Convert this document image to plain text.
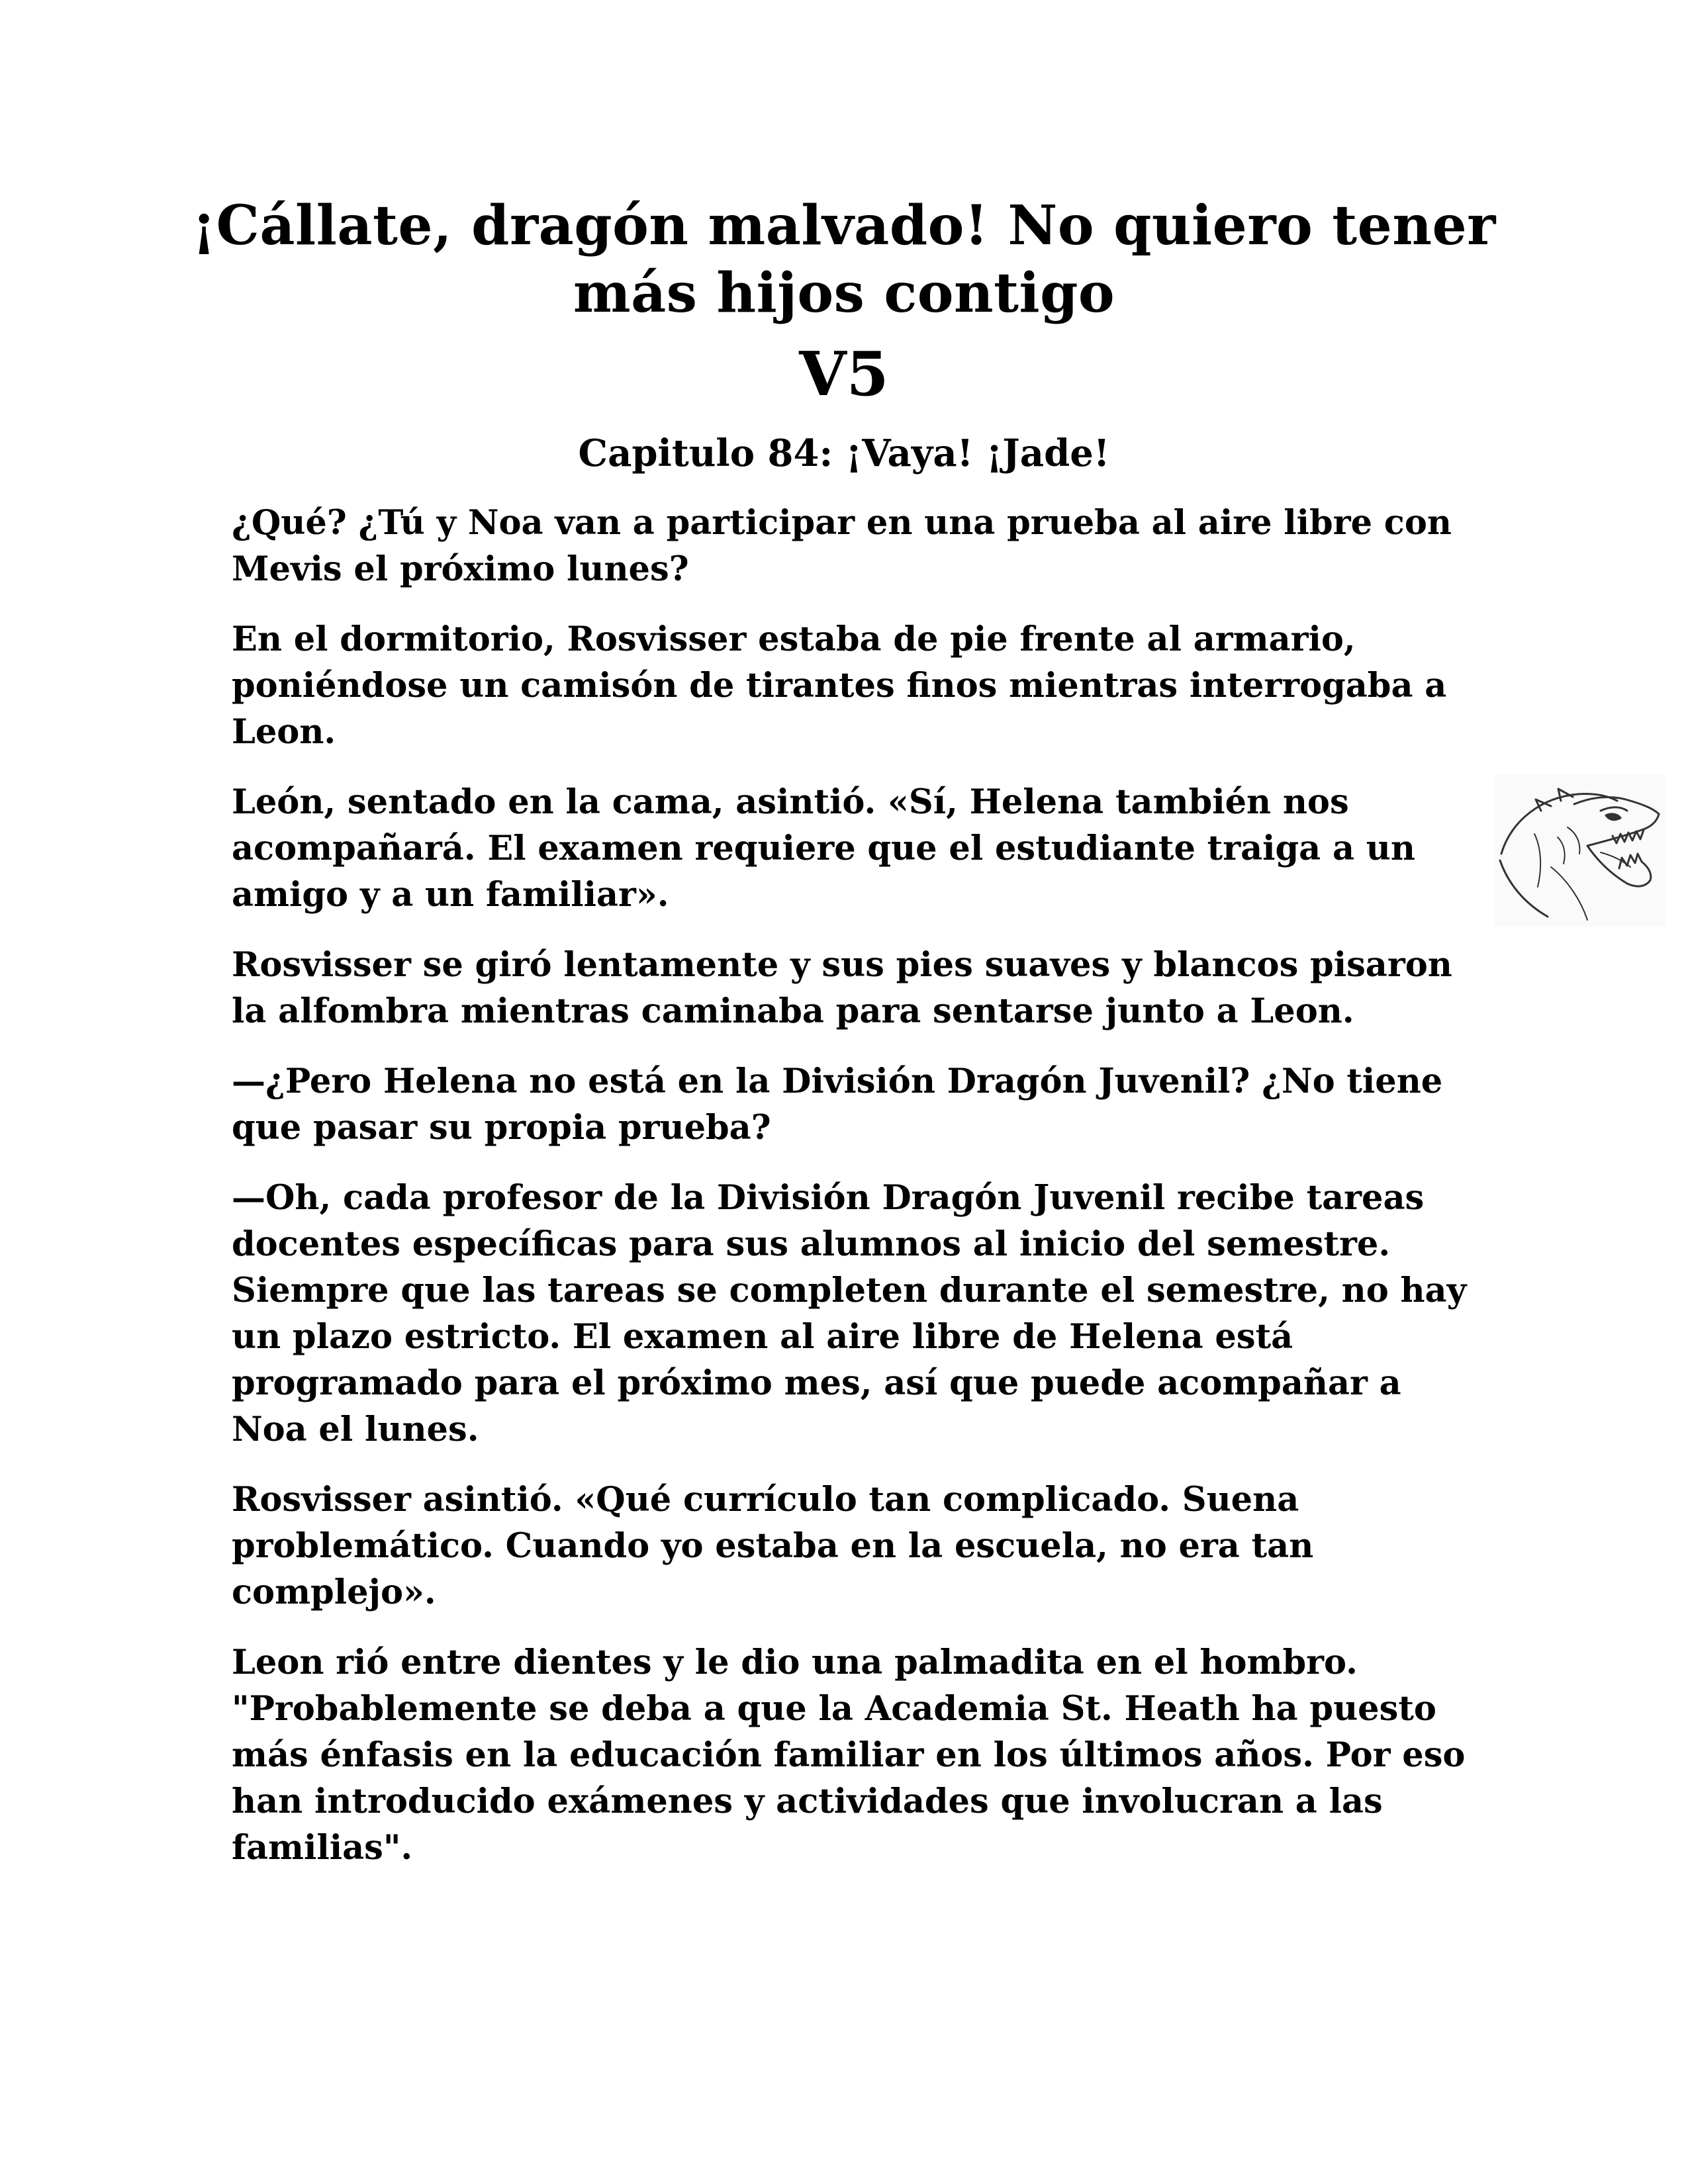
¡Cállate, dragón malvado! No quiero tener más hijos contigo
V5
Capitulo 84: ¡Vaya! ¡Jade!

¿Qué? ¿Tú y Noa van a participar en una prueba al aire libre con Mevis el próximo lunes?

En el dormitorio, Rosvisser estaba de pie frente al armario, poniéndose un camisón de tirantes finos mientras interrogaba a Leon.

León, sentado en la cama, asintió. «Sí, Helena también nos acompañará. El examen requiere que el estudiante traiga a un amigo y a un familiar».

Rosvisser se giró lentamente y sus pies suaves y blancos pisaron la alfombra mientras caminaba para sentarse junto a Leon.

—¿Pero Helena no está en la División Dragón Juvenil? ¿No tiene que pasar su propia prueba?

—Oh, cada profesor de la División Dragón Juvenil recibe tareas docentes específicas para sus alumnos al inicio del semestre. Siempre que las tareas se completen durante el semestre, no hay un plazo estricto. El examen al aire libre de Helena está programado para el próximo mes, así que puede acompañar a Noa el lunes.

Rosvisser asintió. «Qué currículo tan complicado. Suena problemático. Cuando yo estaba en la escuela, no era tan complejo».

Leon rió entre dientes y le dio una palmadita en el hombro. "Probablemente se deba a que la Academia St. Heath ha puesto más énfasis en la educación familiar en los últimos años. Por eso han introducido exámenes y actividades que involucran a las familias".
